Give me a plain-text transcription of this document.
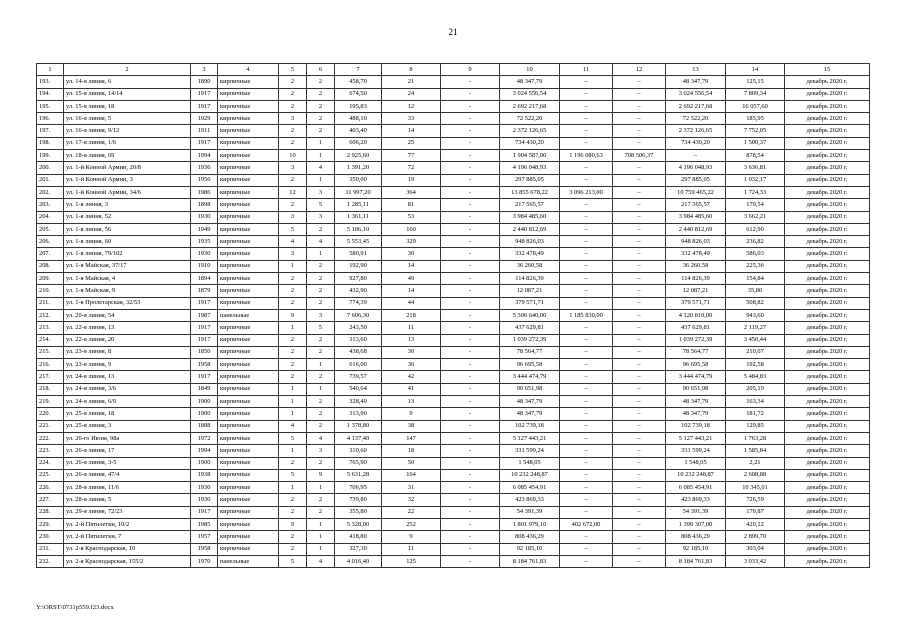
21
1	2	3	4	5	6	7	8	9	10	11	12	13	14	15
193.	ул. 14-я линия, 6	1890	кирпичные	2	2	458,70	21	-	48 347,79	–	–	48 347,79	125,15	декабрь 2020 г.
194.	ул. 15-я линия, 14/14	1917	кирпичные	2	2	674,50	24	-	3 024 556,54	–	–	3 024 556,54	7 809,34	декабрь 2020 г.
195.	ул. 15-я линия, 18	1917	кирпичные	2	2	195,83	12	-	2 692 217,68	–	–	2 692 217,68	16 057,60	декабрь 2020 г.
196.	ул. 16-я линия, 5	1929	кирпичные	3	2	488,10	33	-	72 522,20	–	–	72 522,20	185,95	декабрь 2020 г.
197.	ул. 16-я линия, 9/12	1911	кирпичные	2	2	403,40	14	-	2 372 126,65	–	–	2 372 126,65	7 752,05	декабрь 2020 г.
198.	ул. 17-я линия, 1/6	1917	кирпичные	2	1	606,20	25	-	734 430,20	–	–	734 430,20	1 500,37	декабрь 2020 г.
199.	ул. 18-я линия, 69	1994	кирпичные	10	1	2 925,60	77	-	1 904 587,00	1 196 080,63	708 506,37	–	878,54	декабрь 2020 г.
200.	ул. 1-й Конной Армии, 20/8	1936	кирпичные	3	4	1 391,20	72	-	4 196 048,93	–	–	4 196 048,93	3 636,81	декабрь 2020 г.
201.	ул. 1-й Конной Армии, 3	1956	кирпичные	2	1	350,00	19	-	297 885,05	–	–	297 885,05	1 032,17	декабрь 2020 г.
202.	ул. 1-й Конной Армии, 34/6	1986	кирпичные	12	3	11 997,20	364	-	13 855 678,22	3 096 213,00	–	10 759 465,22	1 724,33	декабрь 2020 г.
203.	ул. 1-я линия, 3	1898	кирпичные	2	5	1 285,11	81	-	217 565,57	–	–	217 565,57	179,54	декабрь 2020 г.
204.	ул. 1-я линия, 52	1930	кирпичные	3	3	1 361,11	53	-	3 984 485,60	–	–	3 984 485,60	3 662,21	декабрь 2020 г.
205.	ул. 1-я линия, 56	1949	кирпичные	5	2	5 106,10	160	-	2 440 812,69	–	–	2 440 812,69	612,90	декабрь 2020 г.
206.	ул. 1-я линия, 60	1935	кирпичные	4	4	5 553,45	329	-	948 826,03	–	–	948 826,03	236,82	декабрь 2020 г.
207.	ул. 1-я линия, 79/102	1930	кирпичные	3	1	580,91	30	-	332 478,49	–	–	332 478,49	586,03	декабрь 2020 г.
208.	ул. 1-я Майская, 37/17	1910	кирпичные	1	2	192,90	14	-	36 260,58	–	–	36 260,58	225,36	декабрь 2020 г.
209.	ул. 1-я Майская, 4	1894	кирпичные	2	2	927,80	49	-	114 826,39	–	–	114 826,39	154,84	декабрь 2020 г.
210.	ул. 1-я Майская, 9	1879	кирпичные	2	2	432,90	14	-	12 087,21	–	–	12 087,21	35,80	декабрь 2020 г.
211.	ул. 1-я Пролетарская, 32/53	1917	кирпичные	2	2	774,39	44	-	379 571,71	–	–	379 571,71	508,82	декабрь 2020 г.
212.	ул. 20-я линия, 54	1987	панельные	9	3	7 606,30	218	-	5 306 640,00	1 185 830,00	–	4 120 810,00	943,60	декабрь 2020 г.
213.	ул. 22-я линия, 13	1917	кирпичные	1	5	243,50	11	-	437 629,81	–	–	437 629,81	2 119,27	декабрь 2020 г.
214.	ул. 22-я линия, 20	1917	кирпичные	2	2	313,60	13	-	1 039 272,39	–	–	1 039 272,39	3 450,44	декабрь 2020 г.
215.	ул. 23-я линия, 8	1850	кирпичные	2	2	438,68	30	-	78 564,77	–	–	78 564,77	210,07	декабрь 2020 г.
216.	ул. 23-я линия, 9	1958	кирпичные	2	1	616,00	36	-	96 695,58	–	–	96 695,58	192,58	декабрь 2020 г.
217.	ул. 24-я линия, 13	1917	кирпичные	2	2	739,57	42	-	3 444 474,79	–	–	3 444 474,79	5 484,83	декабрь 2020 г.
218.	ул. 24-я линия, 3/6	1849	кирпичные	1	1	540,64	41	-	90 651,98	–	–	90 651,98	205,19	декабрь 2020 г.
219.	ул. 24-я линия, 6/9	1900	кирпичные	1	2	328,40	13	-	48 347,79	–	–	48 347,79	163,34	декабрь 2020 г.
220.	ул. 25-я линия, 18	1900	кирпичные	1	2	313,90	9	-	48 347,79	–	–	48 347,79	181,72	декабрь 2020 г.
221.	ул. 25-я линия, 3	1888	кирпичные	4	2	1 378,80	38	-	102 739,18	–	–	102 739,18	129,85	декабрь 2020 г.
222.	ул. 26-го Июня, 98а	1972	кирпичные	5	4	4 137,40	147	-	5 127 443,21	–	–	5 127 443,21	1 763,28	декабрь 2020 г.
223.	ул. 26-я линия, 17	1994	кирпичные	1	3	310,60	18	-	331 599,24	–	–	331 599,24	1 585,84	декабрь 2020 г.
224.	ул. 26-я линия, 3-5	1900	кирпичные	2	2	765,90	50	-	1 548,05	–	–	1 548,05	2,21	декабрь 2020 г.
225.	ул. 26-я линия, 47/4	1938	кирпичные	5	9	5 631,28	164	-	10 232 248,87	–	–	10 232 248,87	2 608,88	декабрь 2020 г.
226.	ул. 28-я линия, 11/6	1930	кирпичные	1	1	706,95	31	-	6 085 454,91	–	–	6 085 454,91	10 345,01	декабрь 2020 г.
227.	ул. 28-я линия, 5	1930	кирпичные	2	2	739,80	32	-	423 869,33	–	–	423 869,33	726,59	декабрь 2020 г.
228.	ул. 29-я линия, 72/23	1917	кирпичные	2	2	355,80	22	-	54 391,39	–	–	54 391,39	179,87	декабрь 2020 г.
229.	ул. 2-й Пятилетки, 10/2	1985	кирпичные	9	1	5 328,00	252	-	1 801 979,10	402 672,00	–	1 399 307,00	420,12	декабрь 2020 г.
230.	ул. 2-й Пятилетки, 7	1957	кирпичные	2	1	418,80	9	-	808 436,29	–	–	808 436,29	2 899,70	декабрь 2020 г.
231.	ул. 2-я Краснодарская, 10	1958	кирпичные	2	1	327,30	11	-	92 185,10	–	–	92 185,10	303,04	декабрь 2020 г.
232.	ул. 2-я Краснодарская, 155/2	1970	панельные	5	4	4 016,40	125	-	8 184 761,83	–	–	8 184 761,83	3 033,42	декабрь 2020 г.
Y:\ORST\0731p559.f23.docx
